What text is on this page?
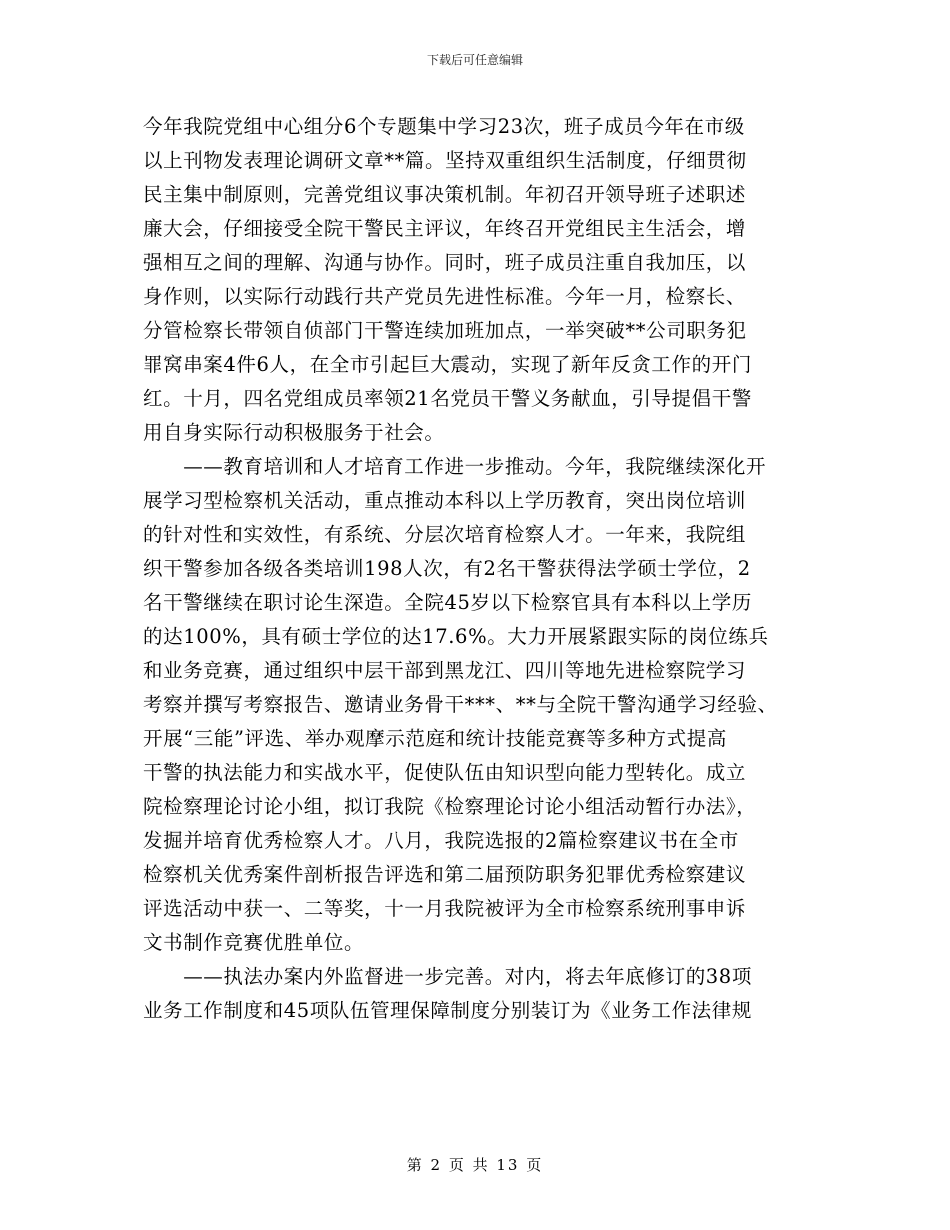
下载后可任意编辑
今年我院党组中心组分6个专题集中学习23次，班子成员今年在市级
以上刊物发表理论调研文章**篇。坚持双重组织生活制度，仔细贯彻
民主集中制原则，完善党组议事决策机制。年初召开领导班子述职述
廉大会，仔细接受全院干警民主评议，年终召开党组民主生活会，增
强相互之间的理解、沟通与协作。同时，班子成员注重自我加压，以
身作则，以实际行动践行共产党员先进性标准。今年一月，检察长、
分管检察长带领自侦部门干警连续加班加点，一举突破**公司职务犯
罪窝串案4件6人，在全市引起巨大震动，实现了新年反贪工作的开门
红。十月，四名党组成员率领21名党员干警义务献血，引导提倡干警
用自身实际行动积极服务于社会。
　　——教育培训和人才培育工作进一步推动。今年，我院继续深化开
展学习型检察机关活动，重点推动本科以上学历教育，突出岗位培训
的针对性和实效性，有系统、分层次培育检察人才。一年来，我院组
织干警参加各级各类培训198人次，有2名干警获得法学硕士学位，2
名干警继续在职讨论生深造。全院45岁以下检察官具有本科以上学历
的达100%，具有硕士学位的达17.6%。大力开展紧跟实际的岗位练兵
和业务竞赛，通过组织中层干部到黑龙江、四川等地先进检察院学习
考察并撰写考察报告、邀请业务骨干***、**与全院干警沟通学习经验、
开展“三能”评选、举办观摩示范庭和统计技能竞赛等多种方式提高
干警的执法能力和实战水平，促使队伍由知识型向能力型转化。成立
院检察理论讨论小组，拟订我院《检察理论讨论小组活动暂行办法》，
发掘并培育优秀检察人才。八月，我院选报的2篇检察建议书在全市
检察机关优秀案件剖析报告评选和第二届预防职务犯罪优秀检察建议
评选活动中获一、二等奖，十一月我院被评为全市检察系统刑事申诉
文书制作竞赛优胜单位。
　　——执法办案内外监督进一步完善。对内，将去年底修订的38项
业务工作制度和45项队伍管理保障制度分别装订为《业务工作法律规
第 2 页 共 13 页
